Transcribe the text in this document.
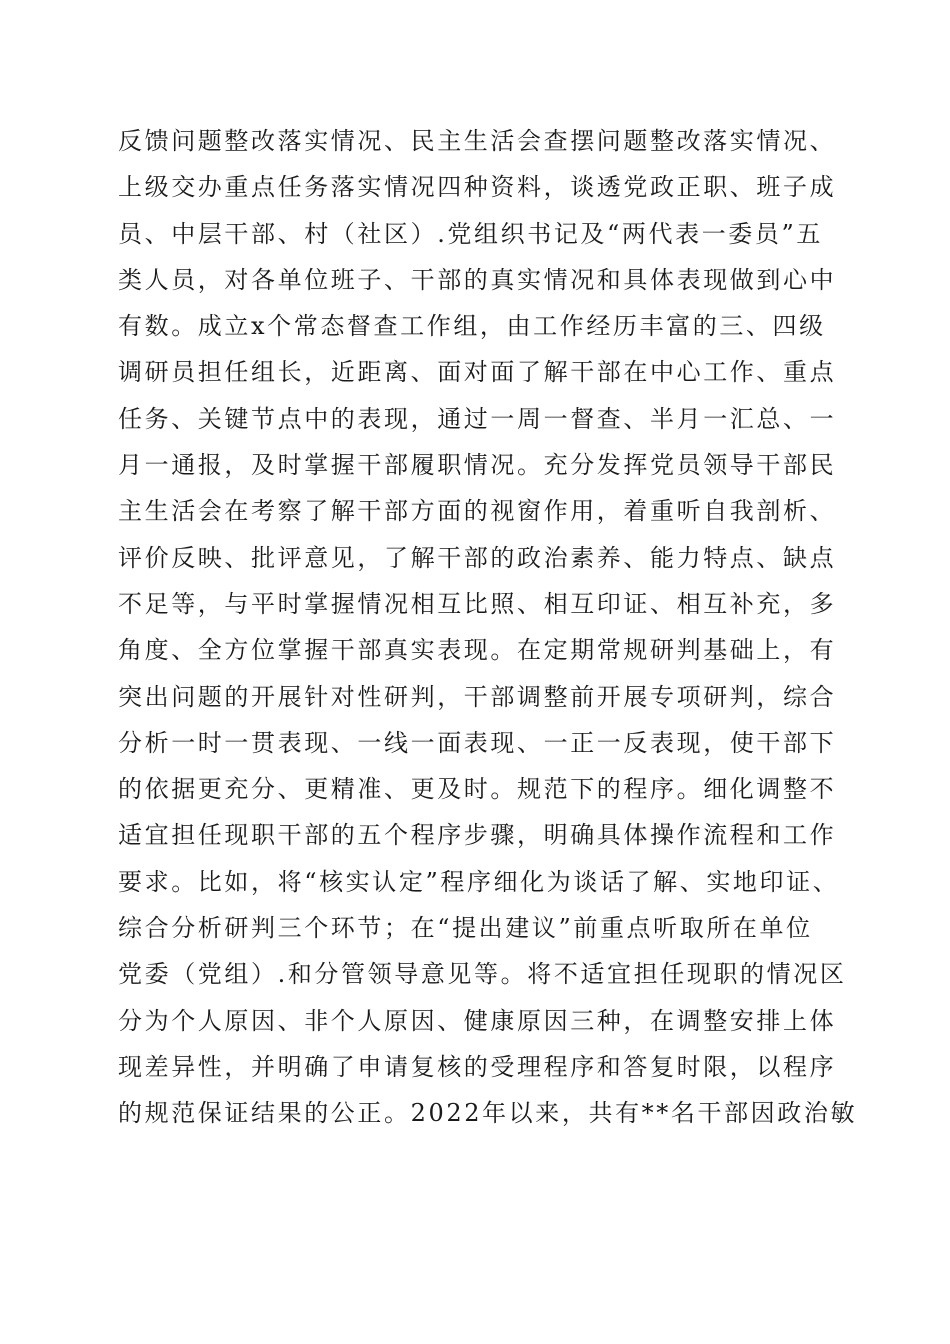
反馈问题整改落实情况、民主生活会查摆问题整改落实情况、
上级交办重点任务落实情况四种资料，谈透党政正职、班子成
员、中层干部、村（社区）.党组织书记及“两代表一委员”五
类人员，对各单位班子、干部的真实情况和具体表现做到心中
有数。成立x个常态督查工作组，由工作经历丰富的三、四级
调研员担任组长，近距离、面对面了解干部在中心工作、重点
任务、关键节点中的表现，通过一周一督查、半月一汇总、一
月一通报，及时掌握干部履职情况。充分发挥党员领导干部民
主生活会在考察了解干部方面的视窗作用，着重听自我剖析、
评价反映、批评意见，了解干部的政治素养、能力特点、缺点
不足等，与平时掌握情况相互比照、相互印证、相互补充，多
角度、全方位掌握干部真实表现。在定期常规研判基础上，有
突出问题的开展针对性研判，干部调整前开展专项研判，综合
分析一时一贯表现、一线一面表现、一正一反表现，使干部下
的依据更充分、更精准、更及时。规范下的程序。细化调整不
适宜担任现职干部的五个程序步骤，明确具体操作流程和工作
要求。比如，将“核实认定”程序细化为谈话了解、实地印证、
综合分析研判三个环节；在“提出建议”前重点听取所在单位
党委（党组）.和分管领导意见等。将不适宜担任现职的情况区
分为个人原因、非个人原因、健康原因三种，在调整安排上体
现差异性，并明确了申请复核的受理程序和答复时限，以程序
的规范保证结果的公正。2022年以来，共有**名干部因政治敏
